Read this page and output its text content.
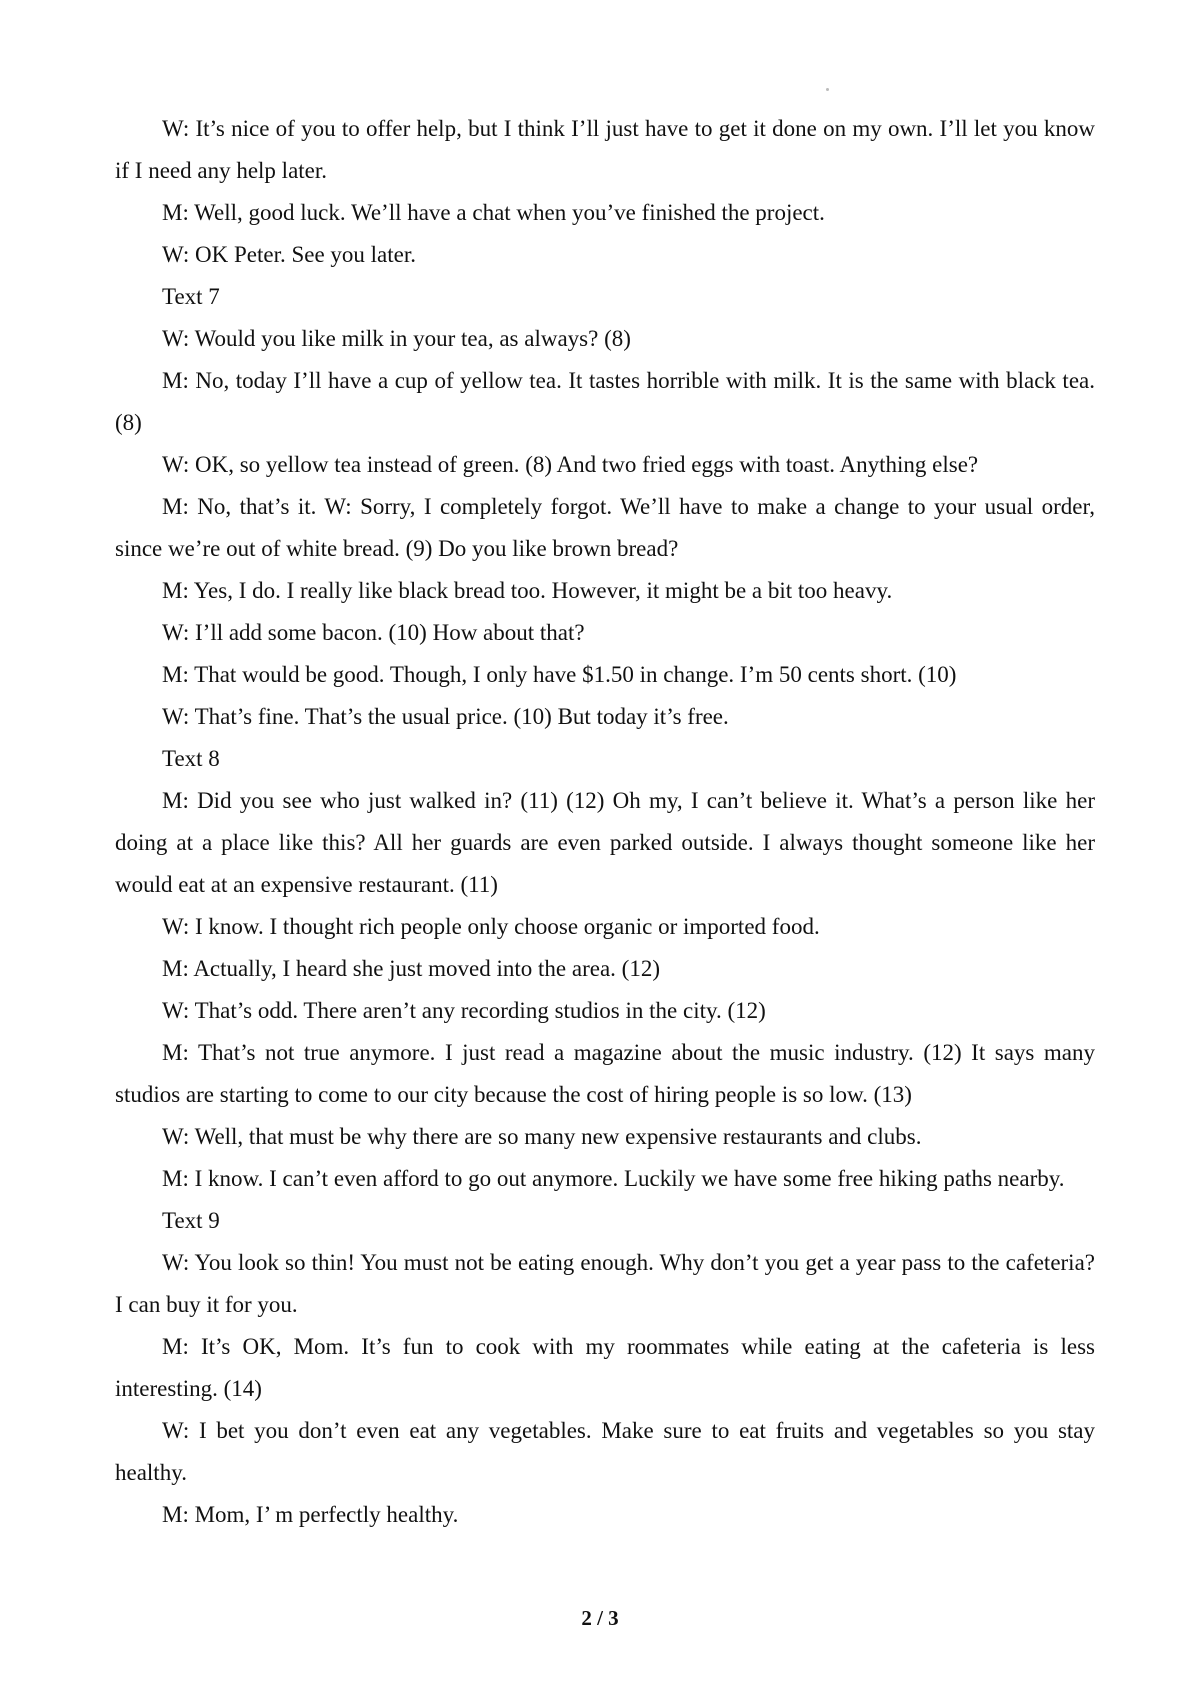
W: It’s nice of you to offer help, but I think I’ll just have to get it done on my own. I’ll let you know if I need any help later.

M: Well, good luck. We’ll have a chat when you’ve finished the project.

W: OK Peter. See you later.

Text 7

W: Would you like milk in your tea, as always? (8)

M: No, today I’ll have a cup of yellow tea. It tastes horrible with milk. It is the same with black tea. (8)

W: OK, so yellow tea instead of green. (8) And two fried eggs with toast. Anything else?

M: No, that’s it. W: Sorry, I completely forgot. We’ll have to make a change to your usual order, since we’re out of white bread. (9) Do you like brown bread?

M: Yes, I do. I really like black bread too. However, it might be a bit too heavy.

W: I’ll add some bacon. (10) How about that?

M: That would be good. Though, I only have $1.50 in change. I’m 50 cents short. (10)

W: That’s fine. That’s the usual price. (10) But today it’s free.

Text 8

M: Did you see who just walked in? (11) (12) Oh my, I can’t believe it. What’s a person like her doing at a place like this? All her guards are even parked outside. I always thought someone like her would eat at an expensive restaurant. (11)

W: I know. I thought rich people only choose organic or imported food.

M: Actually, I heard she just moved into the area. (12)

W: That’s odd. There aren’t any recording studios in the city. (12)

M: That’s not true anymore. I just read a magazine about the music industry. (12) It says many studios are starting to come to our city because the cost of hiring people is so low. (13)

W: Well, that must be why there are so many new expensive restaurants and clubs.

M: I know. I can’t even afford to go out anymore. Luckily we have some free hiking paths nearby.

Text 9

W: You look so thin! You must not be eating enough. Why don’t you get a year pass to the cafeteria? I can buy it for you.

M: It’s OK, Mom. It’s fun to cook with my roommates while eating at the cafeteria is less interesting. (14)

W: I bet you don’t even eat any vegetables. Make sure to eat fruits and vegetables so you stay healthy.

M: Mom, I’ m perfectly healthy.

2 / 3
